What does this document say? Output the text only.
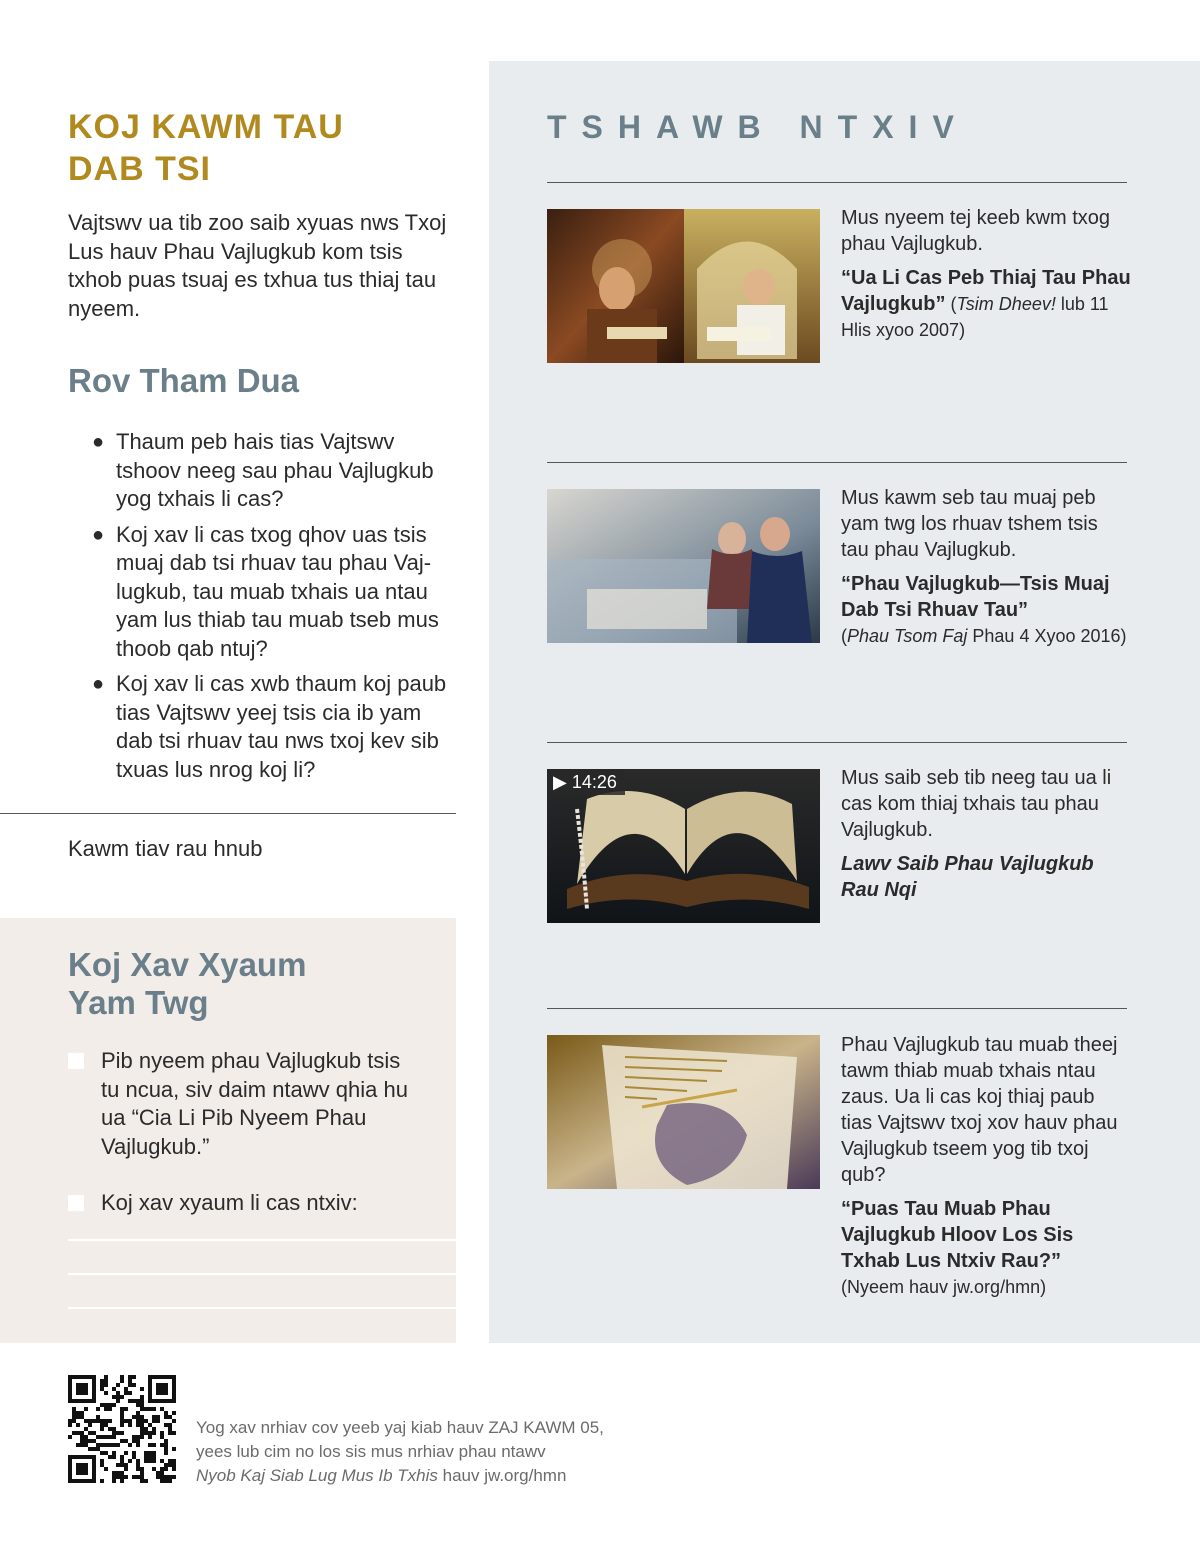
KOJ KAWM TAU
DAB TSI

Vajtswv ua tib zoo saib xyuas nws Txoj Lus hauv Phau Vajlugkub kom tsis txhob puas tsuaj es txhua tus thiaj tau nyeem.

Rov Tham Dua
● Thaum peb hais tias Vajtswv tshoov neeg sau phau Vajlugkub yog txhais li cas?
● Koj xav li cas txog qhov uas tsis muaj dab tsi rhuav tau phau Vaj-lugkub, tau muab txhais ua ntau yam lus thiab tau muab tseb mus thoob qab ntuj?
● Koj xav li cas xwb thaum koj paub tias Vajtswv yeej tsis cia ib yam dab tsi rhuav tau nws txoj kev sib txuas lus nrog koj li?
Kawm tiav rau hnub
Koj Xav Xyaum
Yam Twg
Pib nyeem phau Vajlugkub tsis tu ncua, siv daim ntawv qhia hu ua “Cia Li Pib Nyeem Phau Vajlugkub.”
Koj xav xyaum li cas ntxiv:
TSHAWB NTXIV

Mus nyeem tej keeb kwm txog phau Vajlugkub.

“Ua Li Cas Peb Thiaj Tau Phau Vajlugkub” (Tsim Dheev! lub 11 Hlis xyoo 2007)

Mus kawm seb tau muaj peb yam twg los rhuav tshem tsis tau phau Vajlugkub.

“Phau Vajlugkub—Tsis Muaj Dab Tsi Rhuav Tau”
(Phau Tsom Faj Phau 4 Xyoo 2016)

▶ 14:26	Mus saib seb tib neeg tau ua li cas kom thiaj txhais tau phau Vajlugkub.

Lawv Saib Phau Vajlugkub Rau Nqi

Phau Vajlugkub tau muab theej tawm thiab muab txhais ntau zaus. Ua li cas koj thiaj paub tias Vajtswv txoj xov hauv phau Vajlugkub tseem yog tib txoj qub?

“Puas Tau Muab Phau Vajlugkub Hloov Los Sis Txhab Lus Ntxiv Rau?”

(Nyeem hauv jw.org/hmn)

Yog xav nrhiav cov yeeb yaj kiab hauv ZAJ KAWM 05,

yees lub cim no los sis mus nrhiav phau ntawv

Nyob Kaj Siab Lug Mus Ib Txhis hauv jw.org/hmn
